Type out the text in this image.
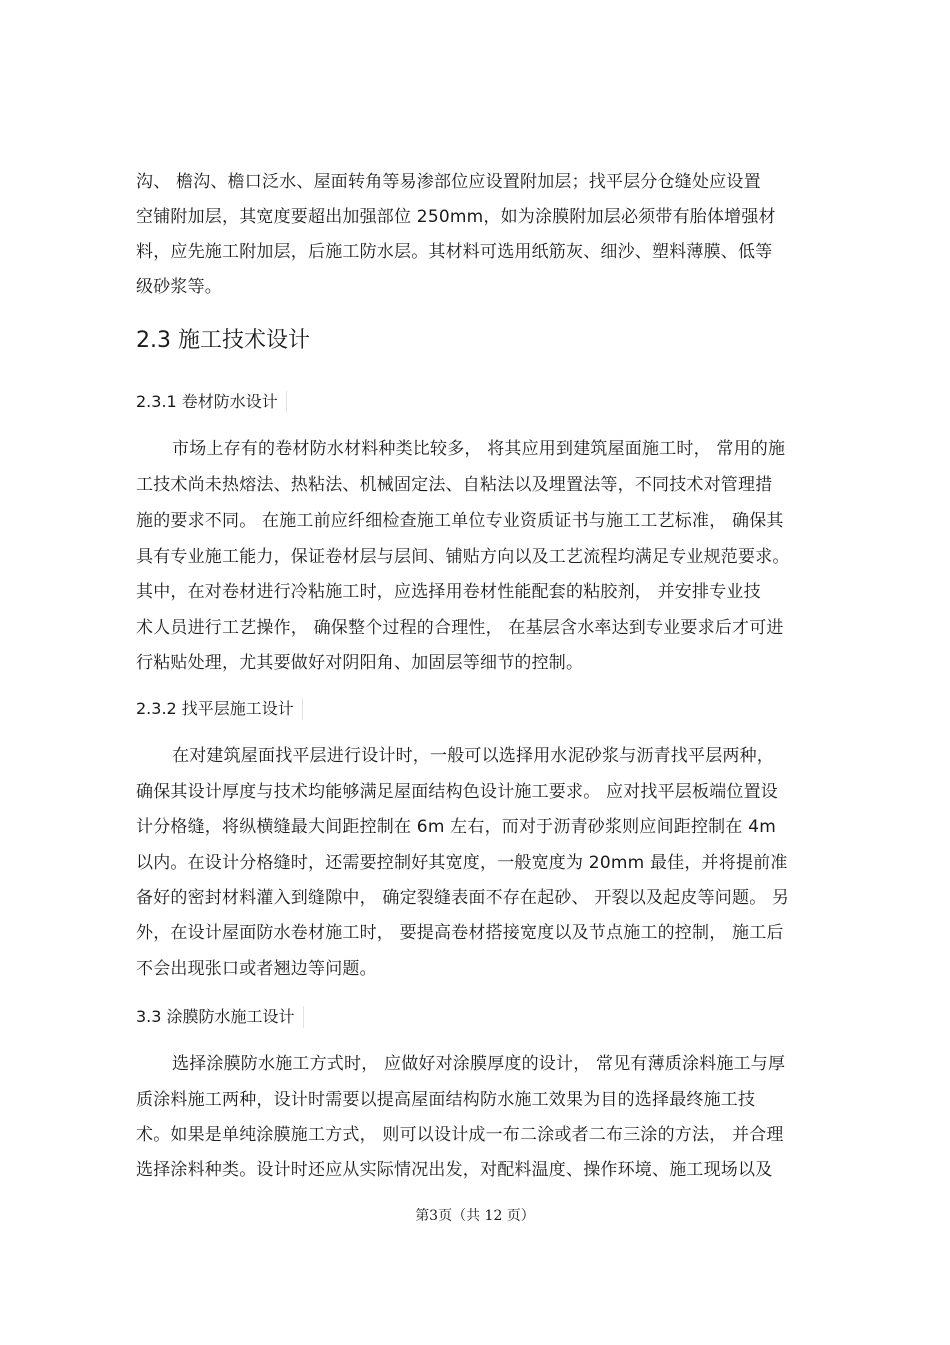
沟、 檐沟、檐口泛水、屋面转角等易渗部位应设置附加层；找平层分仓缝处应设置
空铺附加层，其宽度要超出加强部位 250mm，如为涂膜附加层必须带有胎体增强材
料，应先施工附加层，后施工防水层。其材料可选用纸筋灰、细沙、塑料薄膜、低等
级砂浆等。
2.3 施工技术设计
2.3.1 卷材防水设计
市场上存有的卷材防水材料种类比较多， 将其应用到建筑屋面施工时， 常用的施
工技术尚未热熔法、热粘法、机械固定法、自粘法以及埋置法等，不同技术对管理措
施的要求不同。 在施工前应纤细检查施工单位专业资质证书与施工工艺标准， 确保其
具有专业施工能力，保证卷材层与层间、铺贴方向以及工艺流程均满足专业规范要求。
其中，在对卷材进行冷粘施工时，应选择用卷材性能配套的粘胶剂， 并安排专业技
术人员进行工艺操作， 确保整个过程的合理性， 在基层含水率达到专业要求后才可进
行粘贴处理，尤其要做好对阴阳角、加固层等细节的控制。
2.3.2 找平层施工设计
在对建筑屋面找平层进行设计时，一般可以选择用水泥砂浆与沥青找平层两种，
确保其设计厚度与技术均能够满足屋面结构色设计施工要求。 应对找平层板端位置设
计分格缝，将纵横缝最大间距控制在 6m 左右，而对于沥青砂浆则应间距控制在 4m
以内。在设计分格缝时，还需要控制好其宽度，一般宽度为 20mm 最佳，并将提前准
备好的密封材料灌入到缝隙中， 确定裂缝表面不存在起砂、 开裂以及起皮等问题。 另
外，在设计屋面防水卷材施工时， 要提高卷材搭接宽度以及节点施工的控制， 施工后
不会出现张口或者翘边等问题。
3.3 涂膜防水施工设计
选择涂膜防水施工方式时， 应做好对涂膜厚度的设计， 常见有薄质涂料施工与厚
质涂料施工两种，设计时需要以提高屋面结构防水施工效果为目的选择最终施工技
术。如果是单纯涂膜施工方式， 则可以设计成一布二涂或者二布三涂的方法， 并合理
选择涂料种类。设计时还应从实际情况出发，对配料温度、操作环境、施工现场以及
第3页（共 12 页）
